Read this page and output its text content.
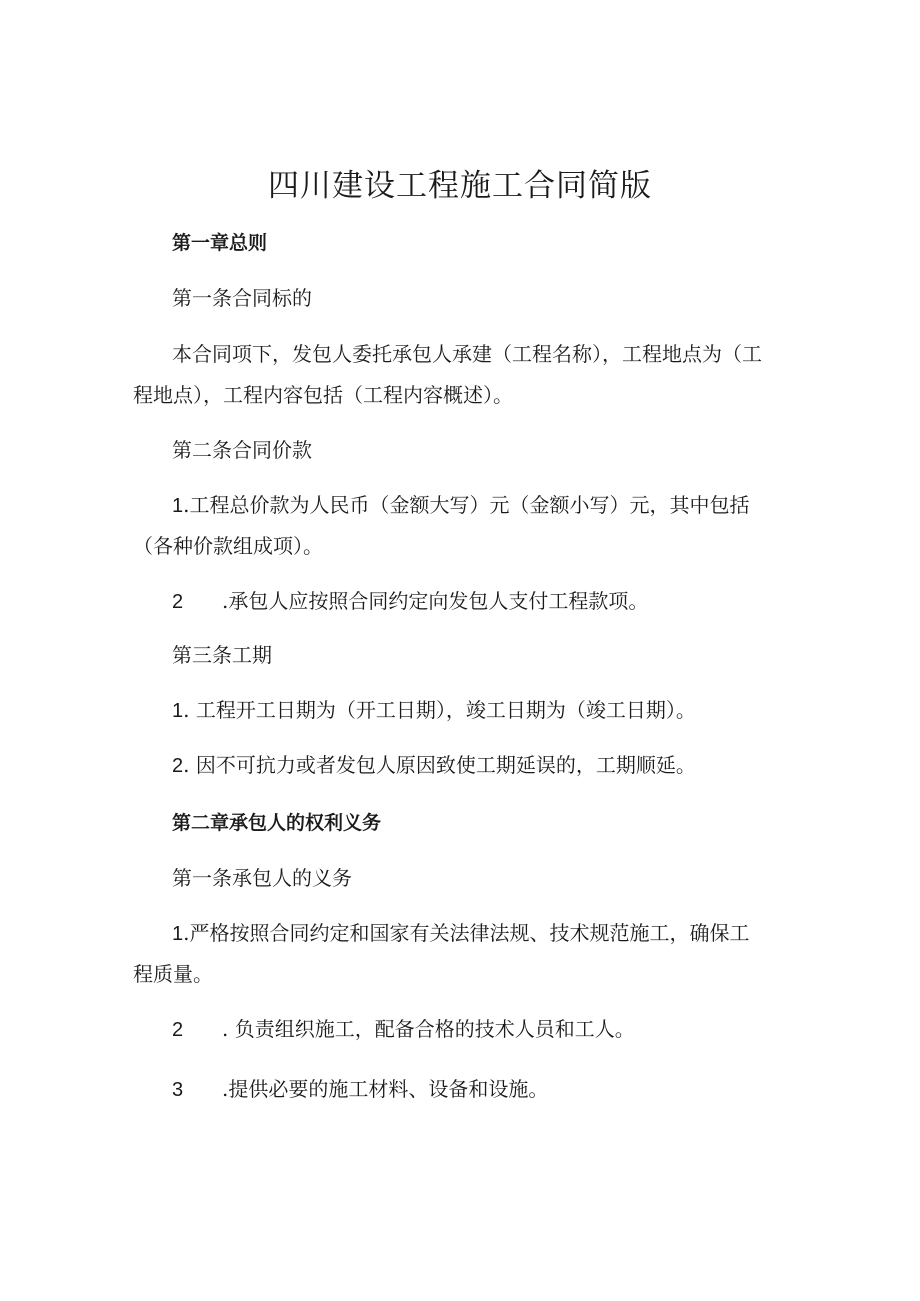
四川建设工程施工合同简版

第一章总则

第一条合同标的

本合同项下，发包人委托承包人承建（工程名称），工程地点为（工

程地点），工程内容包括（工程内容概述）。

第二条合同价款

1.工程总价款为人民币（金额大写）元（金额小写）元，其中包括

（各种价款组成项）。

2 .承包人应按照合同约定向发包人支付工程款项。

第三条工期

1. 工程开工日期为（开工日期），竣工日期为（竣工日期）。

2. 因不可抗力或者发包人原因致使工期延误的，工期顺延。

第二章承包人的权利义务

第一条承包人的义务

1.严格按照合同约定和国家有关法律法规、技术规范施工，确保工

程质量。

2 . 负责组织施工，配备合格的技术人员和工人。

3 .提供必要的施工材料、设备和设施。
